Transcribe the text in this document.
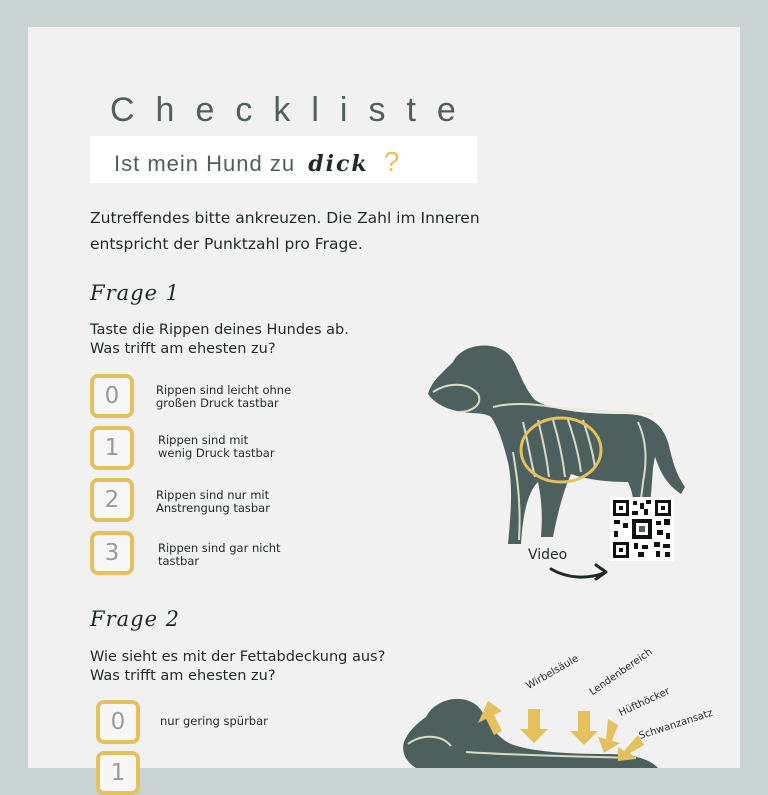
Checkliste
Ist mein Hund zu dick ?
Zutreffendes bitte ankreuzen. Die Zahl im Inneren
entspricht der Punktzahl pro Frage.
Frage 1
Taste die Rippen deines Hundes ab.
Was trifft am ehesten zu?
0	Rippen sind leicht ohne
großen Druck tastbar
1	Rippen sind mit
wenig Druck tastbar
2	Rippen sind nur mit
Anstrengung tasbar
3	Rippen sind gar nicht
tastbar	Video
Frage 2
Wie sieht es mit der Fettabdeckung aus?
Was trifft am ehesten zu?
0	nur gering spürbar
1
Wirbelsäule Lendenbereich
Hüfthöcker
Schwanzansatz
